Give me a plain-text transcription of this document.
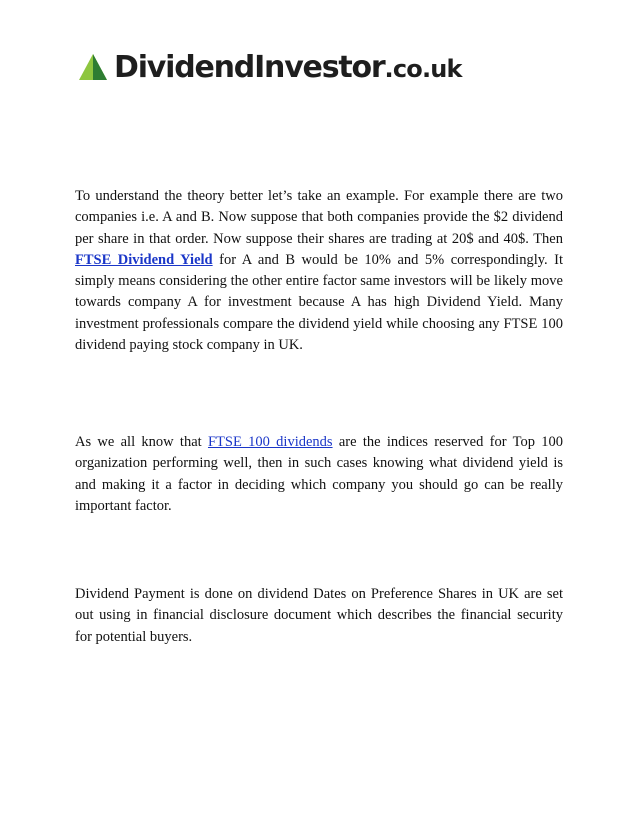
DividendInvestor.co.uk

To understand the theory better let’s take an example. For example there are two companies i.e. A and B. Now suppose that both companies provide the $2 dividend per share in that order. Now suppose their shares are trading at 20$ and 40$. Then FTSE Dividend Yield for A and B would be 10% and 5% correspondingly. It simply means considering the other entire factor same investors will be likely move towards company A for investment because A has high Dividend Yield. Many investment professionals compare the dividend yield while choosing any FTSE 100 dividend paying stock company in UK.

As we all know that FTSE 100 dividends are the indices reserved for Top 100 organization performing well, then in such cases knowing what dividend yield is and making it a factor in deciding which company you should go can be really important factor.

Dividend Payment is done on dividend Dates on Preference Shares in UK are set out using in financial disclosure document which describes the financial security for potential buyers.
